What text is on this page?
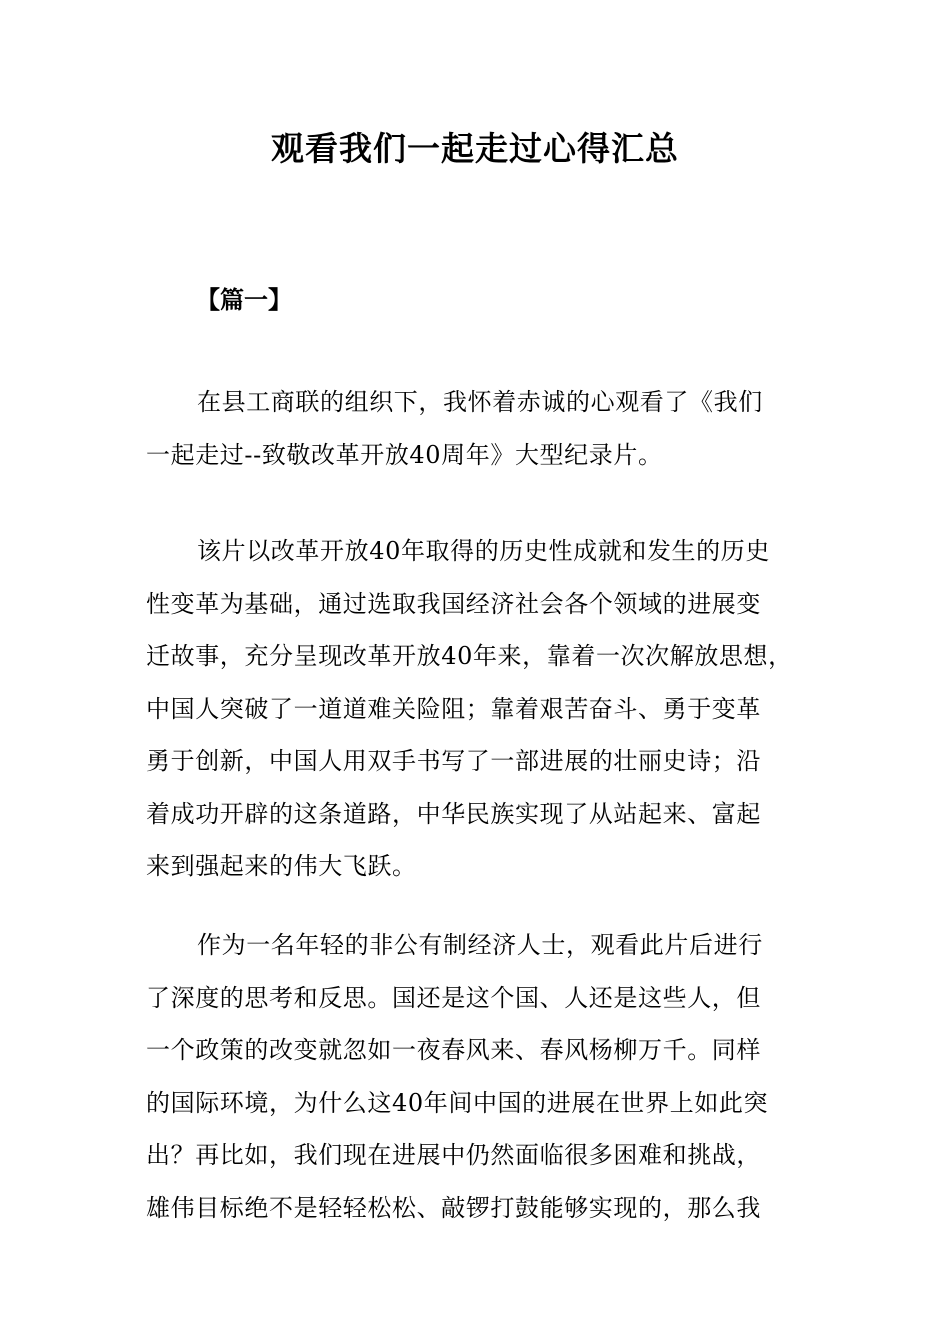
观看我们一起走过心得汇总
【篇一】
在县工商联的组织下，我怀着赤诚的心观看了《我们
一起走过--致敬改革开放40周年》大型纪录片。
该片以改革开放40年取得的历史性成就和发生的历史
性变革为基础，通过选取我国经济社会各个领域的进展变
迁故事，充分呈现改革开放40年来，靠着一次次解放思想，
中国人突破了一道道难关险阻；靠着艰苦奋斗、勇于变革
勇于创新，中国人用双手书写了一部进展的壮丽史诗；沿
着成功开辟的这条道路，中华民族实现了从站起来、富起
来到强起来的伟大飞跃。
作为一名年轻的非公有制经济人士，观看此片后进行
了深度的思考和反思。国还是这个国、人还是这些人，但
一个政策的改变就忽如一夜春风来、春风杨柳万千。同样
的国际环境，为什么这40年间中国的进展在世界上如此突
出？再比如，我们现在进展中仍然面临很多困难和挑战，
雄伟目标绝不是轻轻松松、敲锣打鼓能够实现的，那么我
